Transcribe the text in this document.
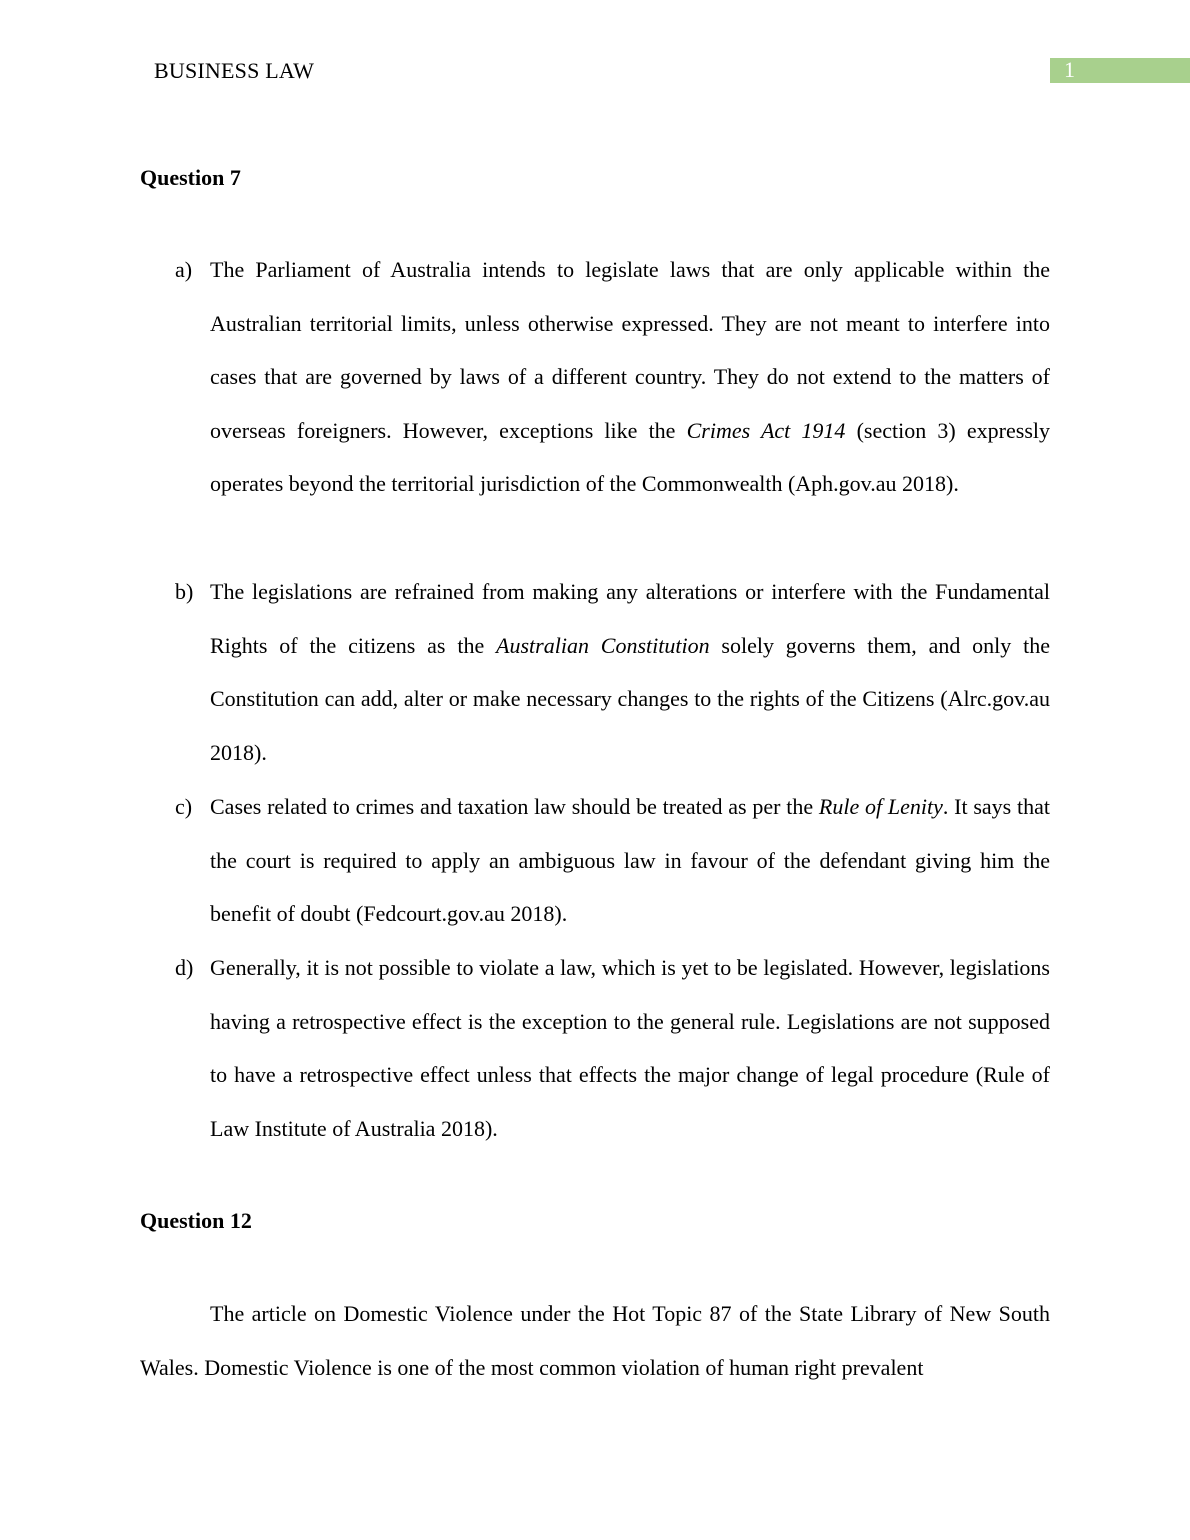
BUSINESS LAW	1
Question 7
a) The Parliament of Australia intends to legislate laws that are only applicable within the Australian territorial limits, unless otherwise expressed. They are not meant to interfere into cases that are governed by laws of a different country. They do not extend to the matters of overseas foreigners. However, exceptions like the Crimes Act 1914 (section 3) expressly operates beyond the territorial jurisdiction of the Commonwealth (Aph.gov.au 2018).
b) The legislations are refrained from making any alterations or interfere with the Fundamental Rights of the citizens as the Australian Constitution solely governs them, and only the Constitution can add, alter or make necessary changes to the rights of the Citizens (Alrc.gov.au 2018).
c) Cases related to crimes and taxation law should be treated as per the Rule of Lenity. It says that the court is required to apply an ambiguous law in favour of the defendant giving him the benefit of doubt (Fedcourt.gov.au 2018).
d) Generally, it is not possible to violate a law, which is yet to be legislated. However, legislations having a retrospective effect is the exception to the general rule. Legislations are not supposed to have a retrospective effect unless that effects the major change of legal procedure (Rule of Law Institute of Australia 2018).
Question 12
The article on Domestic Violence under the Hot Topic 87 of the State Library of New South Wales. Domestic Violence is one of the most common violation of human right prevalent
